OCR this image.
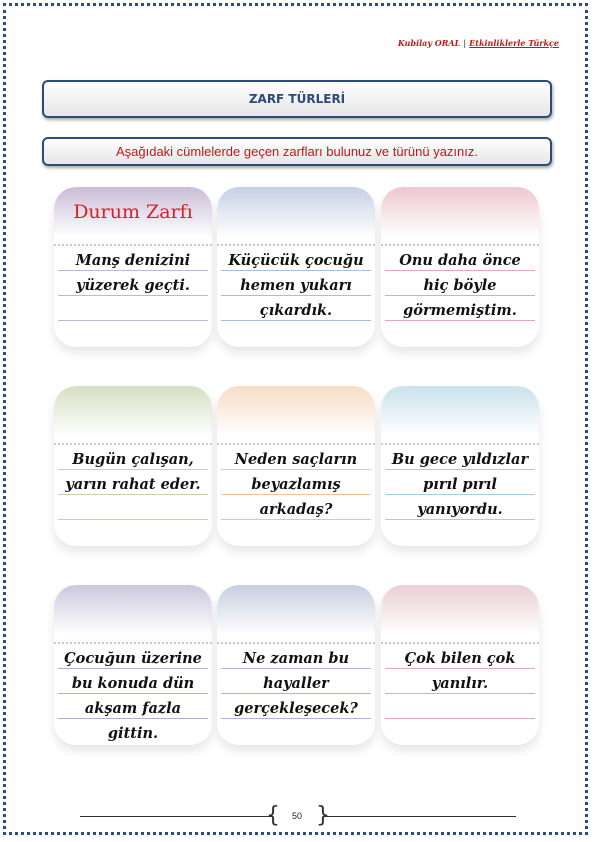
Kubilay ORAL | Etkinliklerle Türkçe
ZARF TÜRLERİ
Aşağıdaki cümlelerde geçen zarfları bulunuz ve türünü yazınız.
Durum Zarfı
Manş denizini yüzerek geçti.
Küçücük çocuğu hemen yukarı çıkardık.
Onu daha önce hiç böyle görmemiştim.
Bugün çalışan, yarın rahat eder.
Neden saçların beyazlamış arkadaş?
Bu gece yıldızlar pırıl pırıl yanıyordu.
Çocuğun üzerine bu konuda dün akşam fazla gittin.
Ne zaman bu hayaller gerçekleşecek?
Çok bilen çok yanılır.
{	50 }
